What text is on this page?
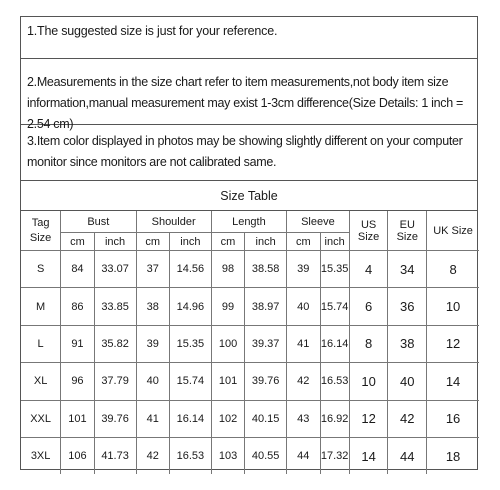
1.The suggested size is just for your reference.

2.Measurements in the size chart refer to item measurements,not body item size information,manual measurement may exist 1-3cm difference(Size Details: 1 inch = 2.54 cm)

3.Item color displayed in photos may be showing slightly different on your computer monitor since monitors are not calibrated same.

Size Table
Tag Size	Bust		Shoulder		Length		Sleeve		US Size	EU Size	UK Size
	cm	inch	cm	inch	cm	inch	cm	inch			
S	84	33.07	37	14.56	98	38.58	39	15.35	4	34	8
M	86	33.85	38	14.96	99	38.97	40	15.74	6	36	10
L	91	35.82	39	15.35	100	39.37	41	16.14	8	38	12
XL	96	37.79	40	15.74	101	39.76	42	16.53	10	40	14
XXL	101	39.76	41	16.14	102	40.15	43	16.92	12	42	16
3XL	106	41.73	42	16.53	103	40.55	44	17.32	14	44	18
